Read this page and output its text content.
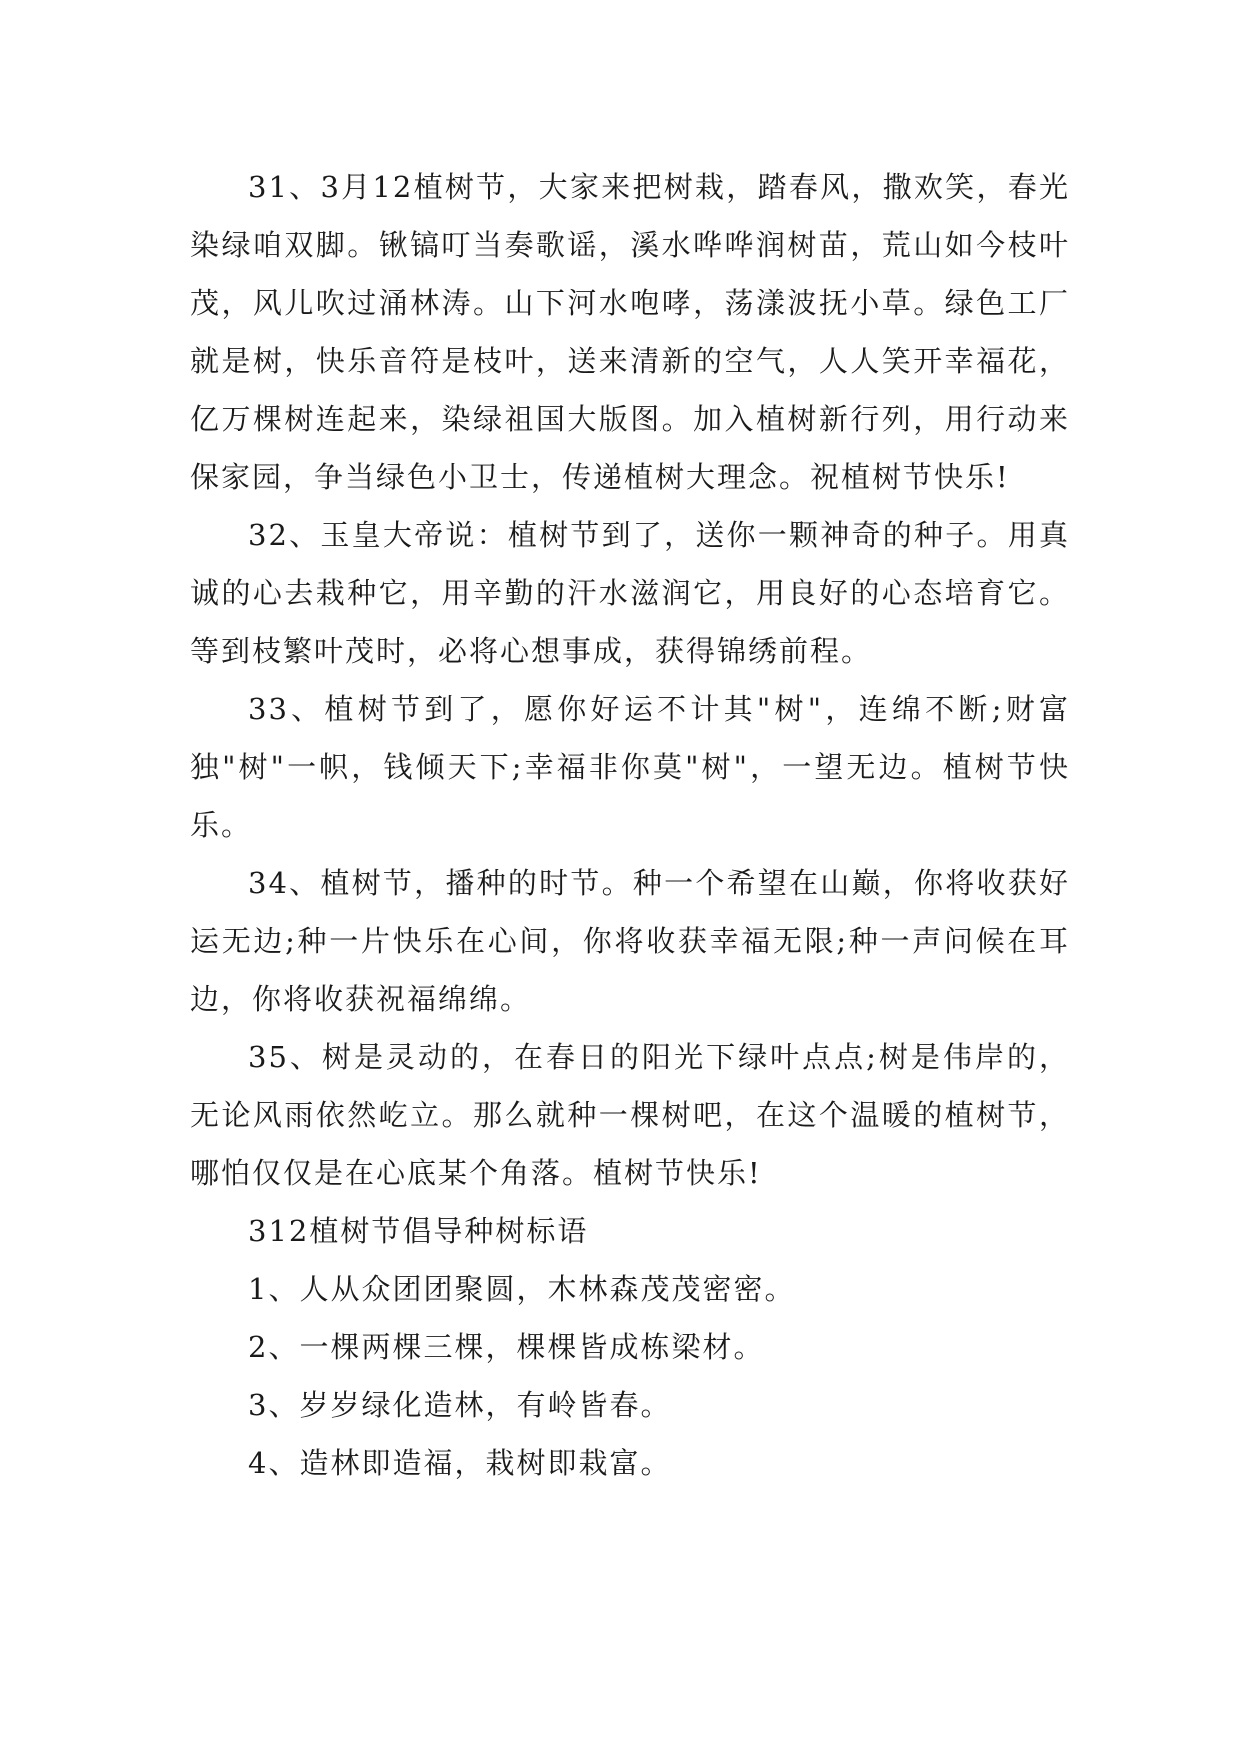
31、3月12植树节，大家来把树栽，踏春风，撒欢笑，春光染绿咱双脚。锹镐叮当奏歌谣，溪水哗哗润树苗，荒山如今枝叶茂，风儿吹过涌林涛。山下河水咆哮，荡漾波抚小草。绿色工厂就是树，快乐音符是枝叶，送来清新的空气，人人笑开幸福花，亿万棵树连起来，染绿祖国大版图。加入植树新行列，用行动来保家园，争当绿色小卫士，传递植树大理念。祝植树节快乐!

32、玉皇大帝说：植树节到了，送你一颗神奇的种子。用真诚的心去栽种它，用辛勤的汗水滋润它，用良好的心态培育它。等到枝繁叶茂时，必将心想事成，获得锦绣前程。

33、植树节到了，愿你好运不计其"树"，连绵不断;财富独"树"一帜，钱倾天下;幸福非你莫"树"，一望无边。植树节快乐。

34、植树节，播种的时节。种一个希望在山巅，你将收获好运无边;种一片快乐在心间，你将收获幸福无限;种一声问候在耳边，你将收获祝福绵绵。

35、树是灵动的，在春日的阳光下绿叶点点;树是伟岸的，无论风雨依然屹立。那么就种一棵树吧，在这个温暖的植树节，哪怕仅仅是在心底某个角落。植树节快乐!

312植树节倡导种树标语

1、人从众团团聚圆，木林森茂茂密密。

2、一棵两棵三棵，棵棵皆成栋梁材。

3、岁岁绿化造林，有岭皆春。

4、造林即造福，栽树即栽富。
